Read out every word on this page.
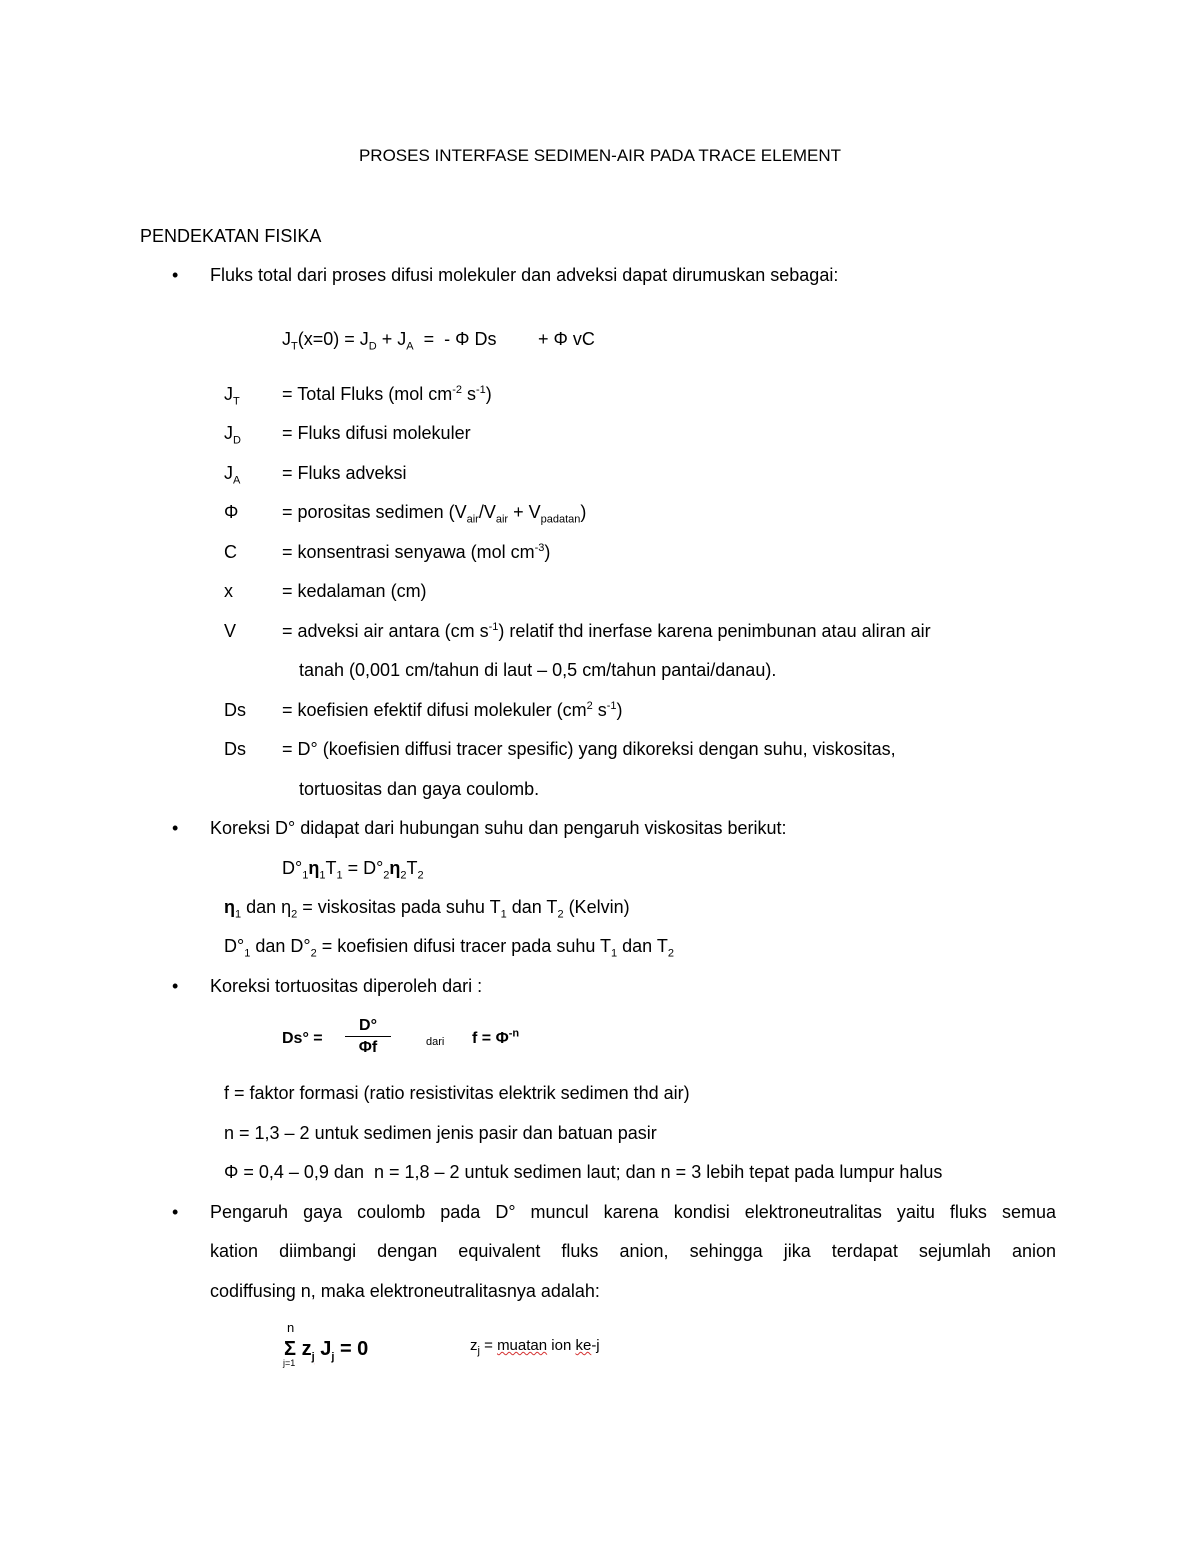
PROSES INTERFASE SEDIMEN-AIR PADA TRACE ELEMENT
PENDEKATAN FISIKA
• Fluks total dari proses difusi molekuler dan adveksi dapat dirumuskan sebagai:
$J_T(x=0) = J_D + J_A$  =  - Φ Ds + Φ vC
$J_T$ = Total Fluks (mol $cm^{-2}$ $s^{-1}$)
$J_D$ = Fluks difusi molekuler
$J_A$ = Fluks adveksi
Φ = porositas sedimen $(V_{air}/V_{air} + V_{padatan})$
C	= konsentrasi senyawa (mol $cm^{-3}$)
x	= kedalaman (cm)
V	= adveksi air antara (cm $s^{-1}$) relatif thd inerfase karena penimbunan atau aliran air
tanah (0,001 cm/tahun di laut – 0,5 cm/tahun pantai/danau).
Ds = koefisien efektif difusi molekuler ($cm^2$ $s^{-1}$)
Ds = D° (koefisien diffusi tracer spesific) yang dikoreksi dengan suhu, viskositas,
tortuositas dan gaya coulomb.
• Koreksi D° didapat dari hubungan suhu dan pengaruh viskositas berikut:
$D^\circ_1\eta_1T_1 = D^\circ_2\eta_2T_2$
$\eta_1$ dan $\eta_2$ = viskositas pada suhu $T_1$ dan $T_2$ (Kelvin)
$D^\circ_1$ dan $D^\circ_2$ = koefisien difusi tracer pada suhu $T_1$ dan $T_2$
• Koreksi tortuositas diperoleh dari :
$Ds^\circ = \frac{D^\circ}{\Phi f}$	dari $f = \Phi^{-n}$
f = faktor formasi (ratio resistivitas elektrik sedimen thd air)
n = 1,3 – 2 untuk sedimen jenis pasir dan batuan pasir
Φ = 0,4 – 0,9 dan  n = 1,8 – 2 untuk sedimen laut; dan n = 3 lebih tepat pada lumpur halus
• Pengaruh gaya coulomb pada D° muncul karena kondisi elektroneutralitas yaitu fluks semua
kation diimbangi dengan equivalent fluks anion, sehingga jika terdapat sejumlah anion
codiffusing n, maka elektroneutralitasnya adalah:
n
Σ $z_j$ $J_j = 0$
j=1
$z_j = muatan$ ion ke-j
